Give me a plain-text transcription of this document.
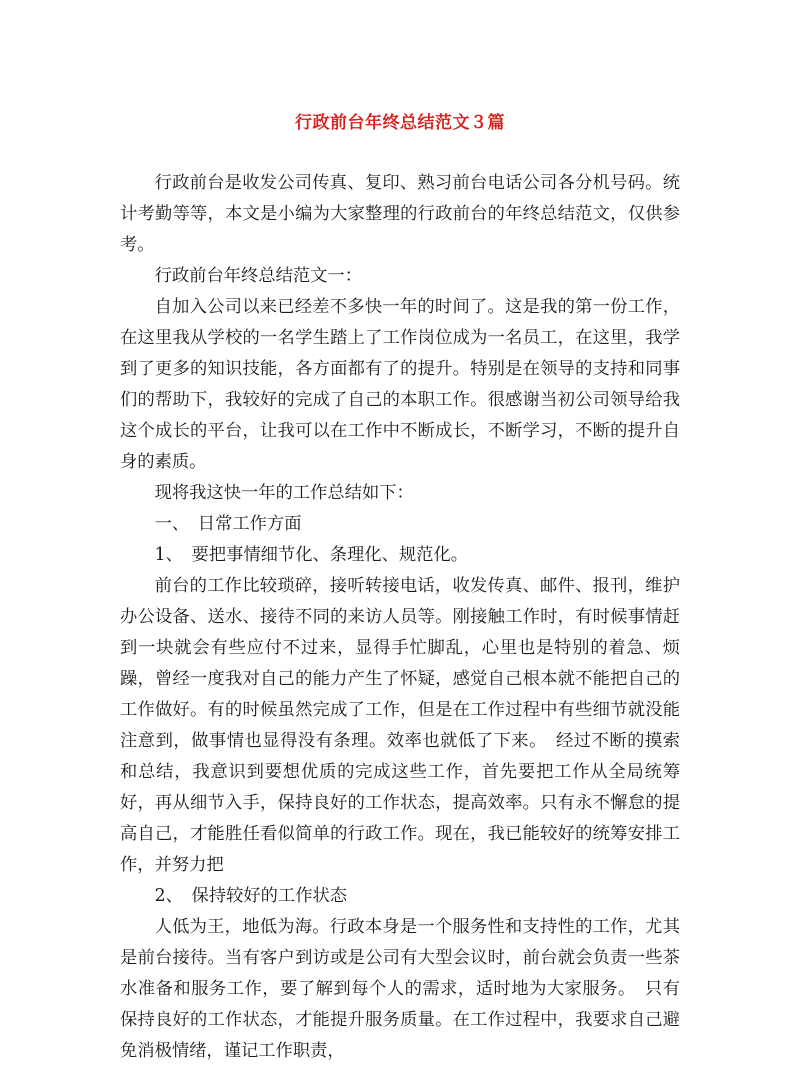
行政前台年终总结范文３篇

行政前台是收发公司传真、复印、熟习前台电话公司各分机号码。统计考勤等等，本文是小编为大家整理的行政前台的年终总结范文，仅供参考。

行政前台年终总结范文一：

自加入公司以来已经差不多快一年的时间了。这是我的第一份工作，在这里我从学校的一名学生踏上了工作岗位成为一名员工，在这里，我学到了更多的知识技能，各方面都有了的提升。特别是在领导的支持和同事们的帮助下，我较好的完成了自己的本职工作。很感谢当初公司领导给我这个成长的平台，让我可以在工作中不断成长，不断学习，不断的提升自身的素质。

现将我这快一年的工作总结如下：

一、　日常工作方面

1、　要把事情细节化、条理化、规范化。

前台的工作比较琐碎，接听转接电话，收发传真、邮件、报刊，维护办公设备、送水、接待不同的来访人员等。刚接触工作时，有时候事情赶到一块就会有些应付不过来，显得手忙脚乱，心里也是特别的着急、烦躁，曾经一度我对自己的能力产生了怀疑，感觉自己根本就不能把自己的工作做好。有的时候虽然完成了工作，但是在工作过程中有些细节就没能注意到，做事情也显得没有条理。效率也就低了下来。　经过不断的摸索和总结，我意识到要想优质的完成这些工作，首先要把工作从全局统筹好，再从细节入手，保持良好的工作状态，提高效率。只有永不懈怠的提高自己，才能胜任看似简单的行政工作。现在，我已能较好的统筹安排工作，并努力把

2、　保持较好的工作状态

人低为王，地低为海。行政本身是一个服务性和支持性的工作，尤其是前台接待。当有客户到访或是公司有大型会议时，前台就会负责一些茶水准备和服务工作，要了解到每个人的需求，适时地为大家服务。　只有保持良好的工作状态，才能提升服务质量。在工作过程中，我要求自己避免消极情绪，谨记工作职责，
